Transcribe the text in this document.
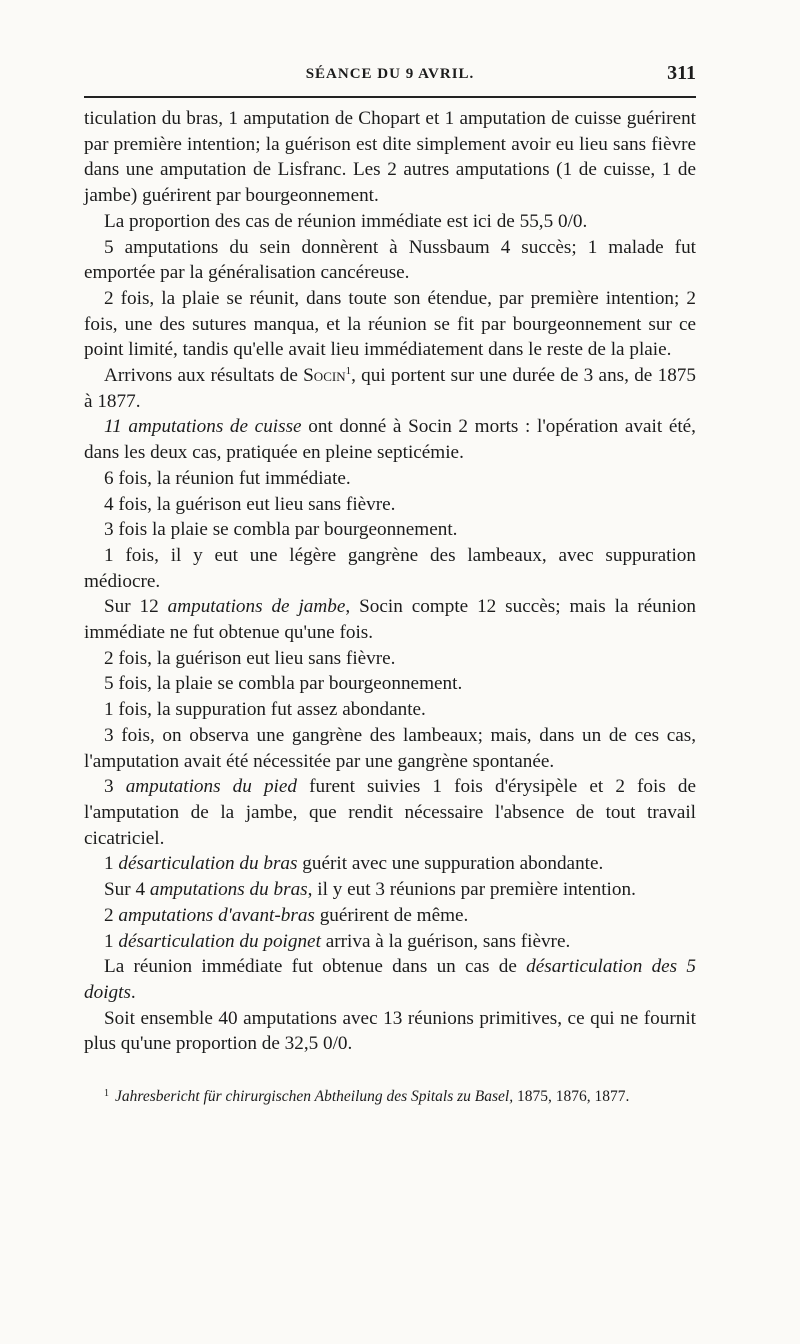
SÉANCE DU 9 AVRIL.	311

ticulation du bras, 1 amputation de Chopart et 1 amputation de cuisse guérirent par première intention; la guérison est dite simplement avoir eu lieu sans fièvre dans une amputation de Lisfranc. Les 2 autres amputations (1 de cuisse, 1 de jambe) guérirent par bourgeonnement.

La proportion des cas de réunion immédiate est ici de 55,5 0/0.

5 amputations du sein donnèrent à Nussbaum 4 succès; 1 malade fut emportée par la généralisation cancéreuse.

2 fois, la plaie se réunit, dans toute son étendue, par première intention; 2 fois, une des sutures manqua, et la réunion se fit par bourgeonnement sur ce point limité, tandis qu'elle avait lieu immédiatement dans le reste de la plaie.

Arrivons aux résultats de Socin$^1$, qui portent sur une durée de 3 ans, de 1875 à 1877.

11 amputations de cuisse ont donné à Socin 2 morts : l'opération avait été, dans les deux cas, pratiquée en pleine septicémie.

6 fois, la réunion fut immédiate.

4 fois, la guérison eut lieu sans fièvre.

3 fois la plaie se combla par bourgeonnement.

1 fois, il y eut une légère gangrène des lambeaux, avec suppuration médiocre.

Sur 12 amputations de jambe, Socin compte 12 succès; mais la réunion immédiate ne fut obtenue qu'une fois.

2 fois, la guérison eut lieu sans fièvre.

5 fois, la plaie se combla par bourgeonnement.

1 fois, la suppuration fut assez abondante.

3 fois, on observa une gangrène des lambeaux; mais, dans un de ces cas, l'amputation avait été nécessitée par une gangrène spontanée.

3 amputations du pied furent suivies 1 fois d'érysipèle et 2 fois de l'amputation de la jambe, que rendit nécessaire l'absence de tout travail cicatriciel.

1 désarticulation du bras guérit avec une suppuration abondante.

Sur 4 amputations du bras, il y eut 3 réunions par première intention.

2 amputations d'avant-bras guérirent de même.

1 désarticulation du poignet arriva à la guérison, sans fièvre.

La réunion immédiate fut obtenue dans un cas de désarticulation des 5 doigts.

Soit ensemble 40 amputations avec 13 réunions primitives, ce qui ne fournit plus qu'une proportion de 32,5 0/0.

$^1$ Jahresbericht für chirurgischen Abtheilung des Spitals zu Basel, 1875, 1876, 1877.
